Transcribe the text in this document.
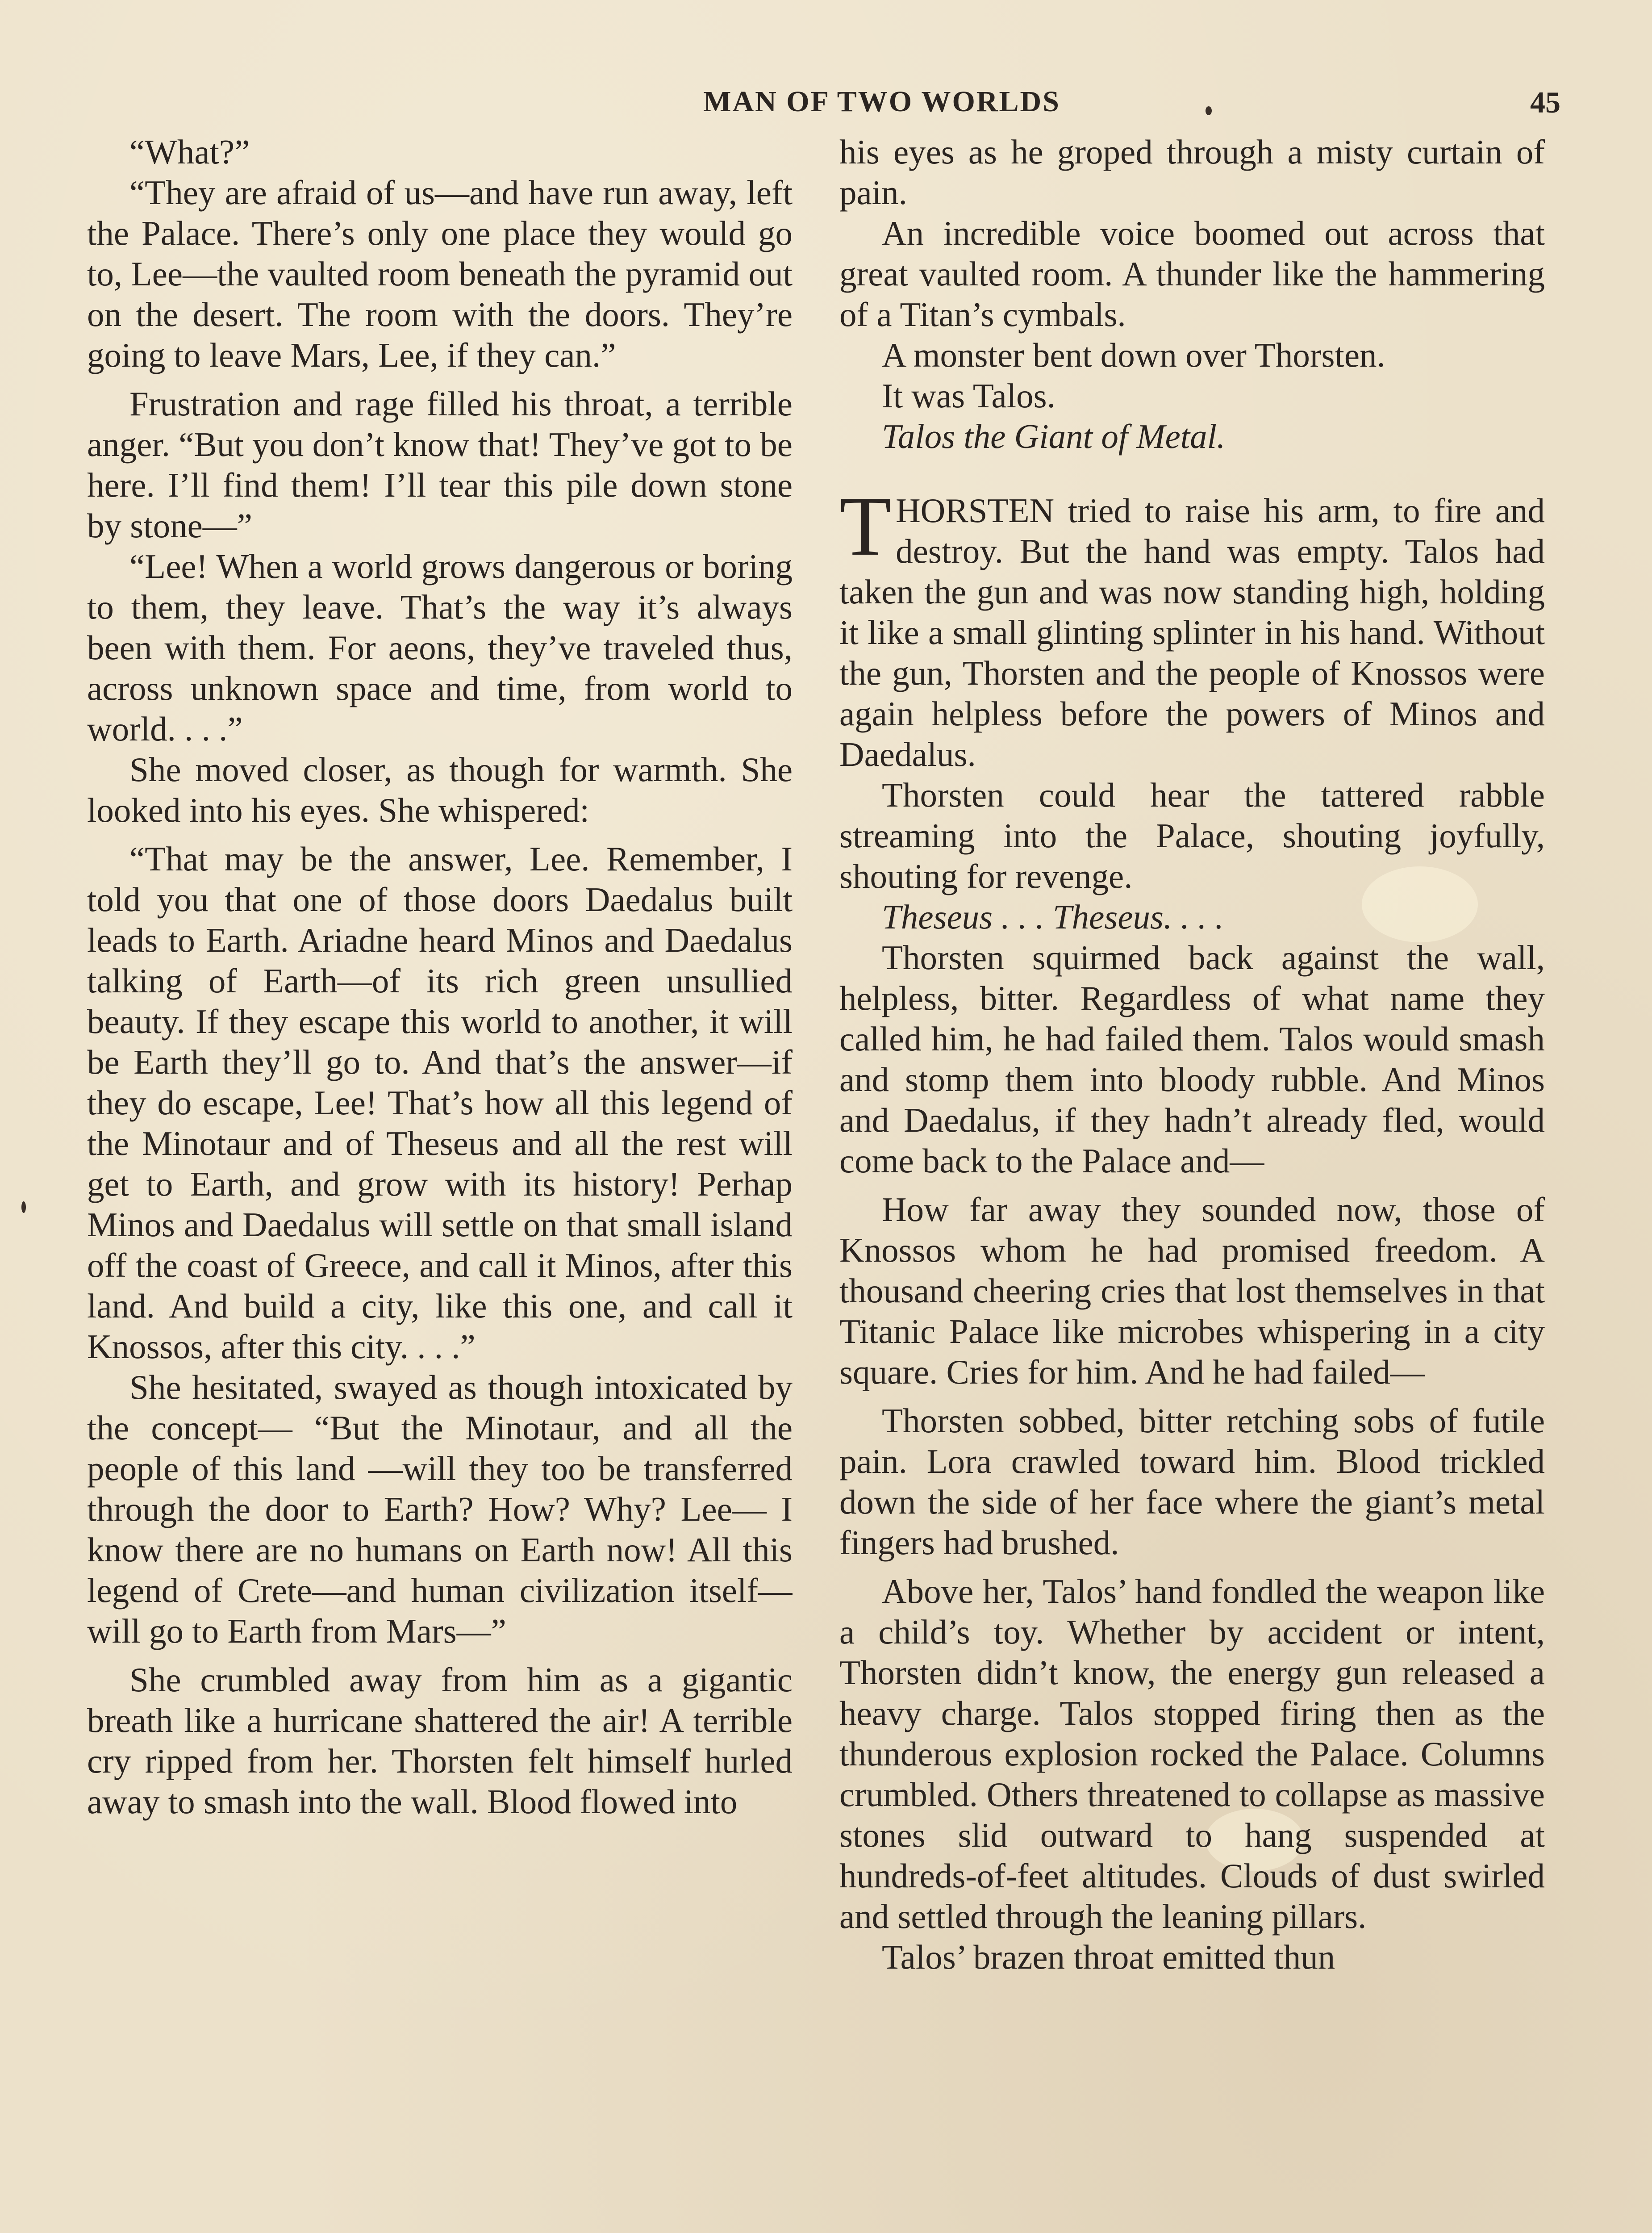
MAN OF TWO WORLDS	45

“What?”

“They are afraid of us—and have run away, left the Palace. There’s only one place they would go to, Lee—the vaulted room beneath the pyramid out on the desert. The room with the doors. They’re going to leave Mars, Lee, if they can.”

Frustration and rage filled his throat, a terrible anger. “But you don’t know that! They’ve got to be here. I’ll find them! I’ll tear this pile down stone by stone—”

“Lee! When a world grows dangerous or boring to them, they leave. That’s the way it’s always been with them. For aeons, they’ve traveled thus, across unknown space and time, from world to world. . . .”

She moved closer, as though for warmth. She looked into his eyes. She whispered:

“That may be the answer, Lee. Remember, I told you that one of those doors Daedalus built leads to Earth. Ariadne heard Minos and Daedalus talking of Earth—of its rich green unsullied beauty. If they escape this world to another, it will be Earth they’ll go to. And that’s the answer—if they do escape, Lee! That’s how all this legend of the Minotaur and of Theseus and all the rest will get to Earth, and grow with its history! Perhap Minos and Daedalus will settle on that small island off the coast of Greece, and call it Minos, after this land. And build a city, like this one, and call it Knossos, after this city. . . .”

She hesitated, swayed as though intoxicated by the concept— “But the Minotaur, and all the people of this land —will they too be transferred through the door to Earth? How? Why? Lee— I know there are no humans on Earth now! All this legend of Crete—and human civilization itself—will go to Earth from Mars—”

She crumbled away from him as a gigantic breath like a hurricane shattered the air! A terrible cry ripped from her. Thorsten felt himself hurled away to smash into the wall. Blood flowed into

his eyes as he groped through a misty curtain of pain.

An incredible voice boomed out across that great vaulted room. A thunder like the hammering of a Titan’s cymbals.

A monster bent down over Thorsten.

It was Talos.

Talos the Giant of Metal.

THORSTEN tried to raise his arm, to fire and destroy. But the hand was empty. Talos had taken the gun and was now standing high, holding it like a small glinting splinter in his hand. Without the gun, Thorsten and the people of Knossos were again helpless before the powers of Minos and Daedalus.

Thorsten could hear the tattered rabble streaming into the Palace, shouting joyfully, shouting for revenge.

Theseus . . . Theseus. . . .

Thorsten squirmed back against the wall, helpless, bitter. Regardless of what name they called him, he had failed them. Talos would smash and stomp them into bloody rubble. And Minos and Daedalus, if they hadn’t already fled, would come back to the Palace and—

How far away they sounded now, those of Knossos whom he had promised freedom. A thousand cheering cries that lost themselves in that Titanic Palace like microbes whispering in a city square. Cries for him. And he had failed—

Thorsten sobbed, bitter retching sobs of futile pain. Lora crawled toward him. Blood trickled down the side of her face where the giant’s metal fingers had brushed.

Above her, Talos’ hand fondled the weapon like a child’s toy. Whether by accident or intent, Thorsten didn’t know, the energy gun released a heavy charge. Talos stopped firing then as the thunderous explosion rocked the Palace. Columns crumbled. Others threatened to collapse as massive stones slid outward to hang suspended at hundreds-of-feet altitudes. Clouds of dust swirled and settled through the leaning pillars.

Talos’ brazen throat emitted thun
